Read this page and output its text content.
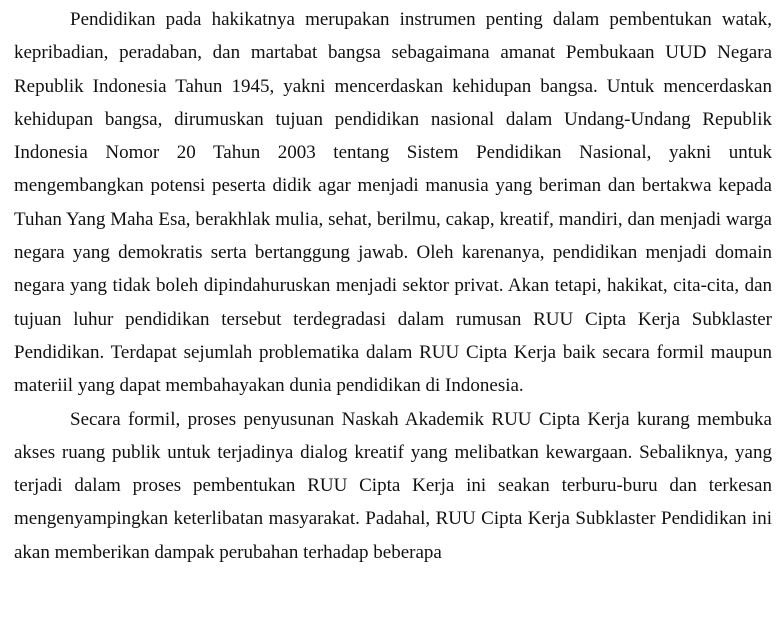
Pendidikan pada hakikatnya merupakan instrumen penting dalam pembentukan watak, kepribadian, peradaban, dan martabat bangsa sebagaimana amanat Pembukaan UUD Negara Republik Indonesia Tahun 1945, yakni mencerdaskan kehidupan bangsa. Untuk mencerdaskan kehidupan bangsa, dirumuskan tujuan pendidikan nasional dalam Undang-Undang Republik Indonesia Nomor 20 Tahun 2003 tentang Sistem Pendidikan Nasional, yakni untuk mengembangkan potensi peserta didik agar menjadi manusia yang beriman dan bertakwa kepada Tuhan Yang Maha Esa, berakhlak mulia, sehat, berilmu, cakap, kreatif, mandiri, dan menjadi warga negara yang demokratis serta bertanggung jawab. Oleh karenanya, pendidikan menjadi domain negara yang tidak boleh dipindahuruskan menjadi sektor privat. Akan tetapi, hakikat, cita-cita, dan tujuan luhur pendidikan tersebut terdegradasi dalam rumusan RUU Cipta Kerja Subklaster Pendidikan. Terdapat sejumlah problematika dalam RUU Cipta Kerja baik secara formil maupun materiil yang dapat membahayakan dunia pendidikan di Indonesia.

Secara formil, proses penyusunan Naskah Akademik RUU Cipta Kerja kurang membuka akses ruang publik untuk terjadinya dialog kreatif yang melibatkan kewargaan. Sebaliknya, yang terjadi dalam proses pembentukan RUU Cipta Kerja ini seakan terburu-buru dan terkesan mengenyampingkan keterlibatan masyarakat. Padahal, RUU Cipta Kerja Subklaster Pendidikan ini akan memberikan dampak perubahan terhadap beberapa
